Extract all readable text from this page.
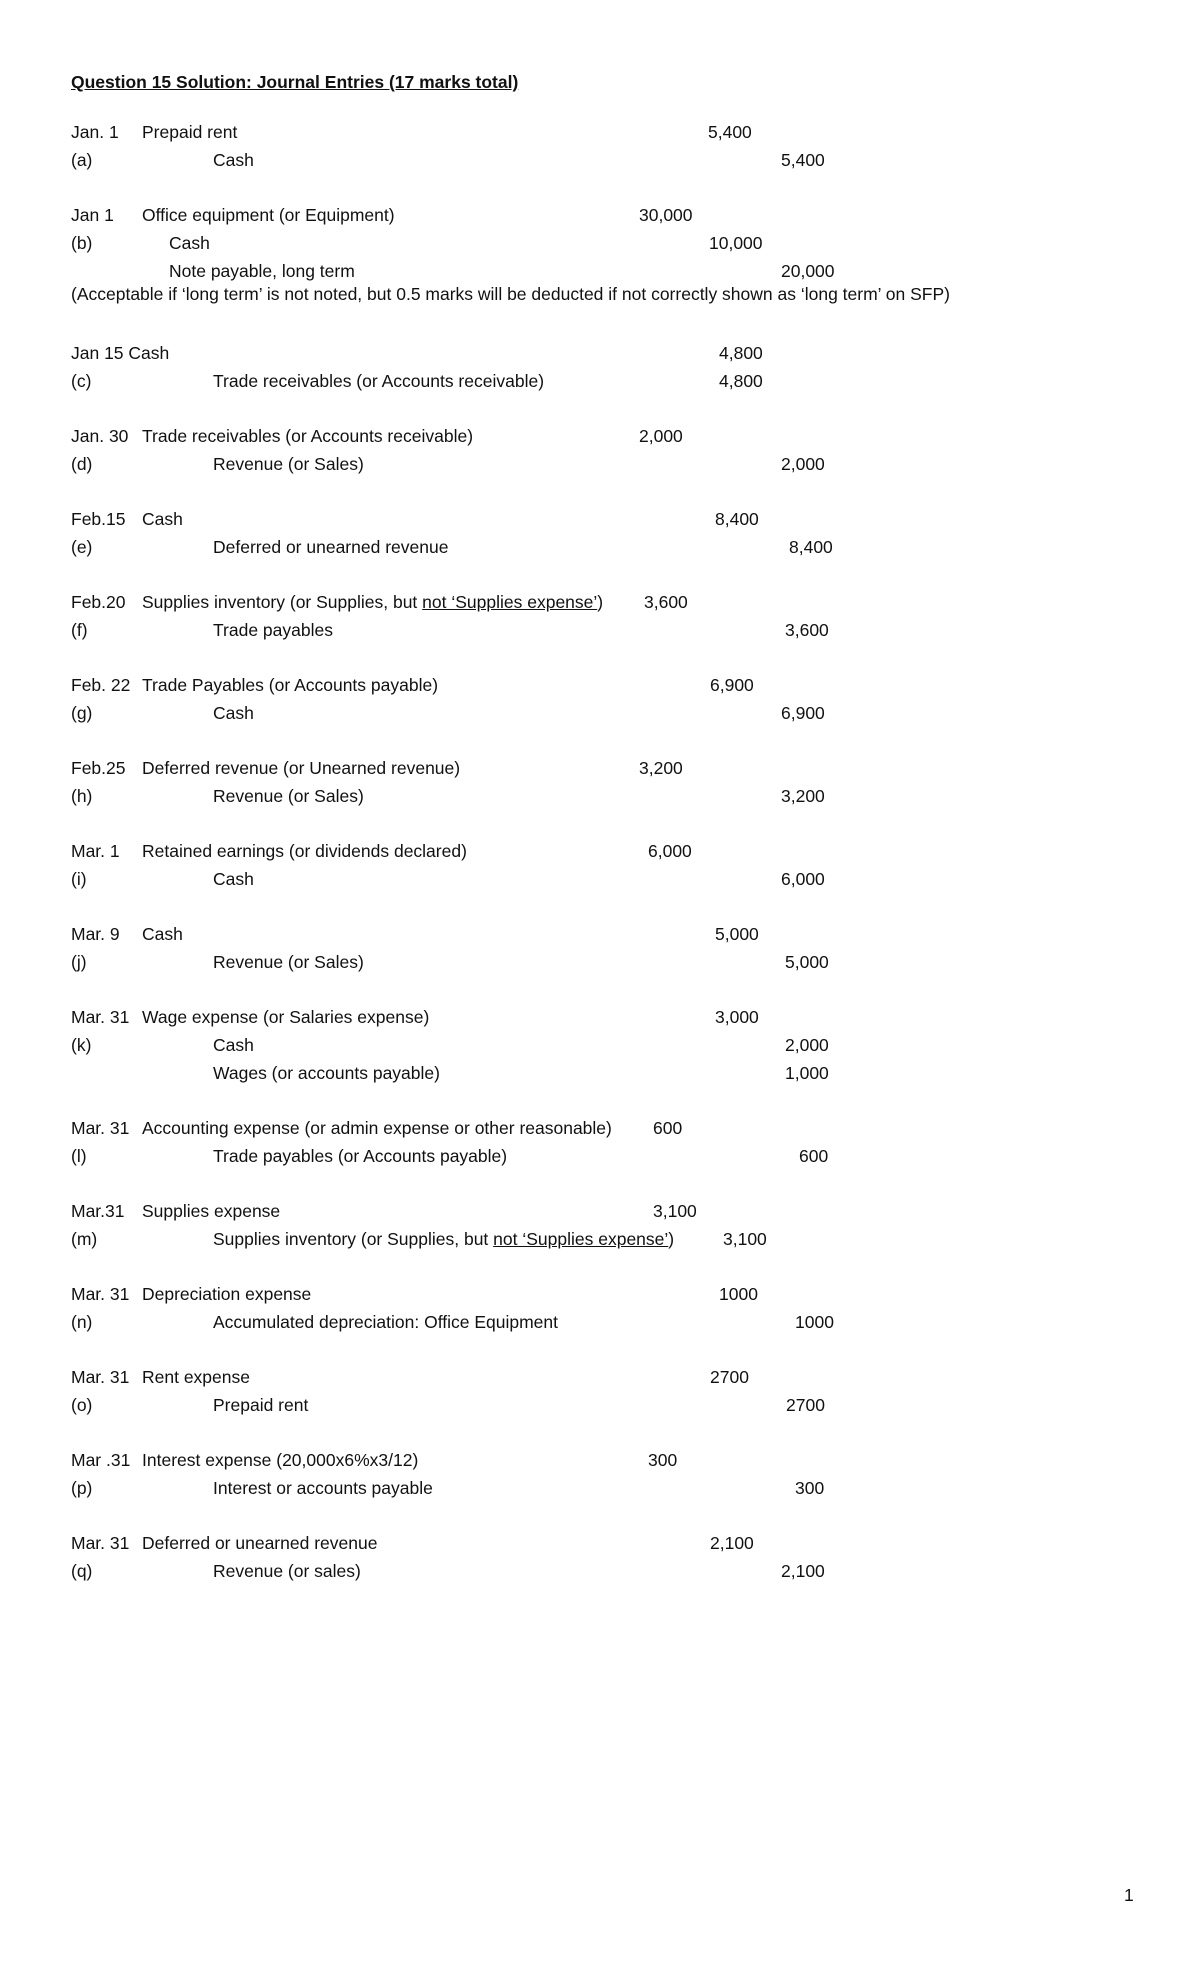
Question 15 Solution: Journal Entries (17 marks total)
Jan. 1 Prepaid rent	5,400
(a)	Cash	5,400
Jan 1 Office equipment (or Equipment)	30,000
(b)	Cash	10,000
Note payable, long term	20,000
(Acceptable if ‘long term’ is not noted, but 0.5 marks will be deducted if not correctly shown as ‘long term’ on SFP)
Jan 15 Cash	4,800
(c)	Trade receivables (or Accounts receivable)	4,800
Jan. 30 Trade receivables (or Accounts receivable)	2,000
(d)	Revenue (or Sales)	2,000
Feb.15 Cash	8,400
(e)	Deferred or unearned revenue	8,400
Feb.20 Supplies inventory (or Supplies, but not ‘Supplies expense’) 3,600
(f)	Trade payables	3,600
Feb. 22 Trade Payables (or Accounts payable)	6,900
(g)	Cash	6,900
Feb.25 Deferred revenue (or Unearned revenue)	3,200
(h)	Revenue (or Sales)	3,200
Mar. 1 Retained earnings (or dividends declared)	6,000
(i)	Cash	6,000
Mar. 9 Cash	5,000
(j)	Revenue (or Sales)	5,000
Mar. 31 Wage expense (or Salaries expense)	3,000
(k)	Cash	2,000
Wages (or accounts payable)	1,000
Mar. 31 Accounting expense (or admin expense or other reasonable) 600
(l)	Trade payables (or Accounts payable)	600
Mar.31 Supplies expense	3,100
(m)	Supplies inventory (or Supplies, but not ‘Supplies expense’)	3,100
Mar. 31 Depreciation expense	1000
(n)	Accumulated depreciation: Office Equipment	1000
Mar. 31 Rent expense	2700
(o)	Prepaid rent	2700
Mar .31 Interest expense (20,000x6%x3/12)	300
(p)	Interest or accounts payable	300
Mar. 31 Deferred or unearned revenue	2,100
(q)	Revenue (or sales)	2,100
1
